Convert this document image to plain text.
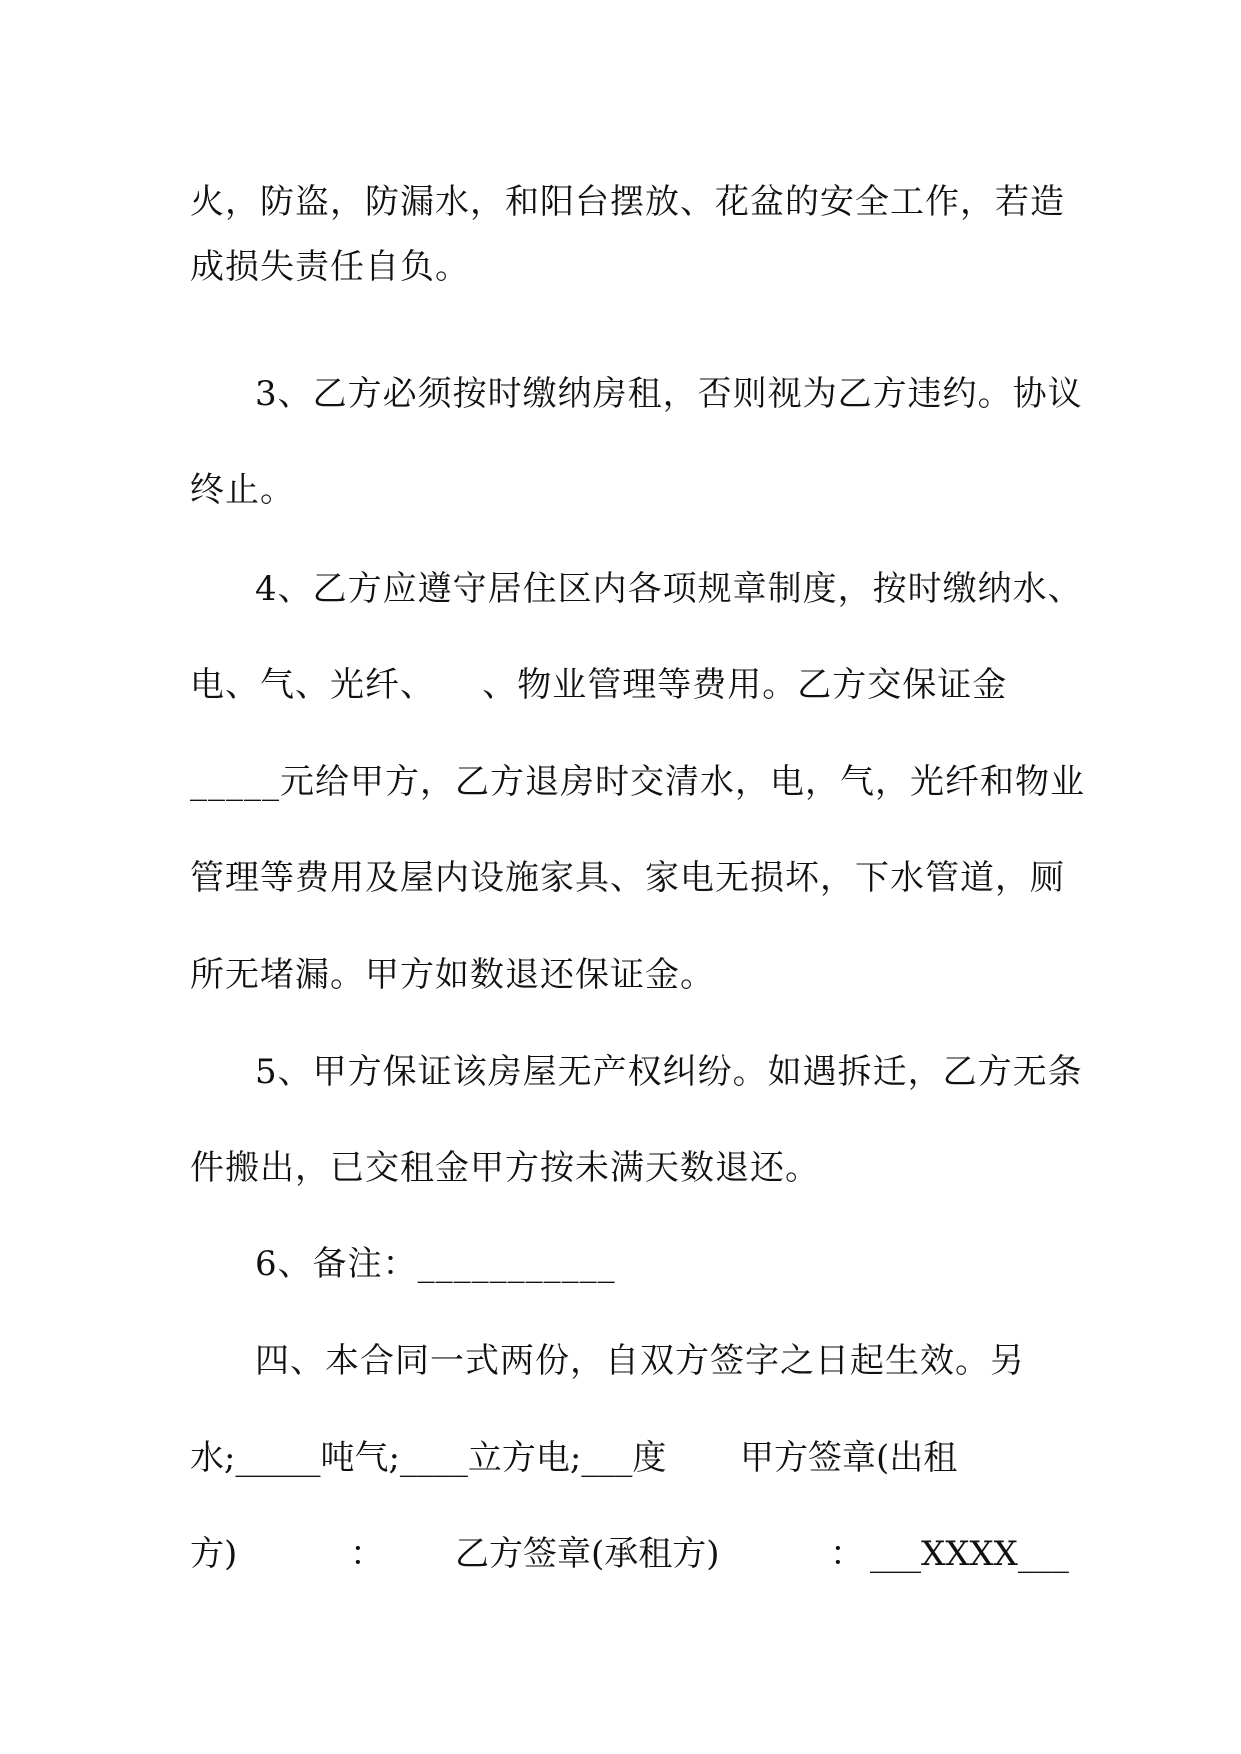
火，防盗，防漏水，和阳台摆放、花盆的安全工作，若造
成损失责任自负。
3、乙方必须按时缴纳房租，否则视为乙方违约。协议
终止。
4、乙方应遵守居住区内各项规章制度，按时缴纳水、
电、气、光纤、    、物业管理等费用。乙方交保证金
_____元给甲方，乙方退房时交清水，电，气，光纤和物业
管理等费用及屋内设施家具、家电无损坏，下水管道，厕
所无堵漏。甲方如数退还保证金。
5、甲方保证该房屋无产权纠纷。如遇拆迁，乙方无条
件搬出，已交租金甲方按未满天数退还。
6、备注：___________
四、本合同一式两份，自双方签字之日起生效。另
水;_____吨气;____立方电;___度 甲方签章(出租
方)	： 乙方签章(承租方)	： ___XXXX___
